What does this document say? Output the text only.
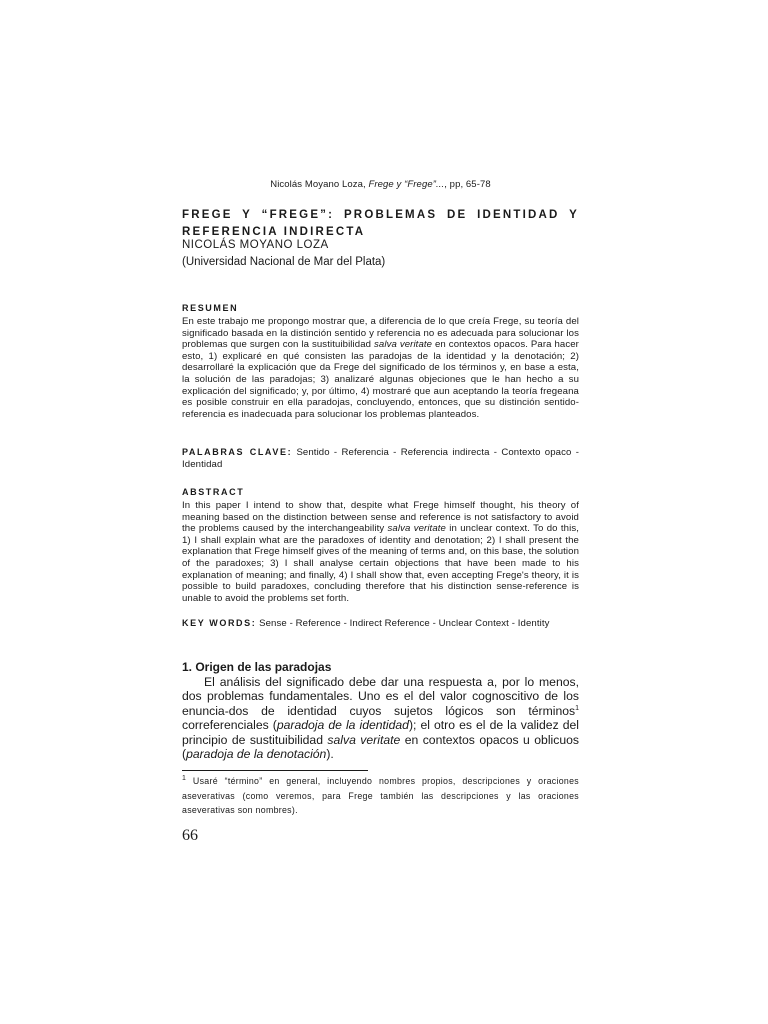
Nicolás Moyano Loza, Frege y “Frege”..., pp, 65-78
FREGE Y “FREGE”: PROBLEMAS DE IDENTIDAD Y REFERENCIA INDIRECTA
NICOLÁS MOYANO LOZA
(Universidad Nacional de Mar del Plata)
RESUMEN
En este trabajo me propongo mostrar que, a diferencia de lo que creía Frege, su teoría del significado basada en la distinción sentido y referencia no es adecuada para solucionar los problemas que surgen con la sustituibilidad salva veritate en contextos opacos. Para hacer esto, 1) explicaré en qué consisten las paradojas de la identidad y la denotación; 2) desarrollaré la explicación que da Frege del significado de los términos y, en base a esta, la solución de las paradojas; 3) analizaré algunas objeciones que le han hecho a su explicación del significado; y, por último, 4) mostraré que aun aceptando la teoría fregeana es posible construir en ella paradojas, concluyendo, entonces, que su distinción sentido-referencia es inadecuada para solucionar los problemas planteados.
PALABRAS CLAVE: Sentido - Referencia - Referencia indirecta - Contexto opaco - Identidad
ABSTRACT
In this paper I intend to show that, despite what Frege himself thought, his theory of meaning based on the distinction between sense and reference is not satisfactory to avoid the problems caused by the interchangeability salva veritate in unclear context. To do this, 1) I shall explain what are the paradoxes of identity and denotation; 2) I shall present the explanation that Frege himself gives of the meaning of terms and, on this base, the solution of the paradoxes; 3) I shall analyse certain objections that have been made to his explanation of meaning; and finally, 4) I shall show that, even accepting Frege's theory, it is possible to build paradoxes, concluding therefore that his distinction sense-reference is unable to avoid the problems set forth.
KEY WORDS: Sense - Reference - Indirect Reference - Unclear Context - Identity
1. Origen de las paradojas
El análisis del significado debe dar una respuesta a, por lo menos, dos problemas fundamentales. Uno es el del valor cognoscitivo de los enuncia-dos de identidad cuyos sujetos lógicos son términos$^1$ correferenciales (paradoja de la identidad); el otro es el de la validez del principio de sustituibilidad salva veritate en contextos opacos u oblicuos (paradoja de la denotación).
$^1$ Usaré “término” en general, incluyendo nombres propios, descripciones y oraciones aseverativas (como veremos, para Frege también las descripciones y las oraciones aseverativas son nombres).
66
